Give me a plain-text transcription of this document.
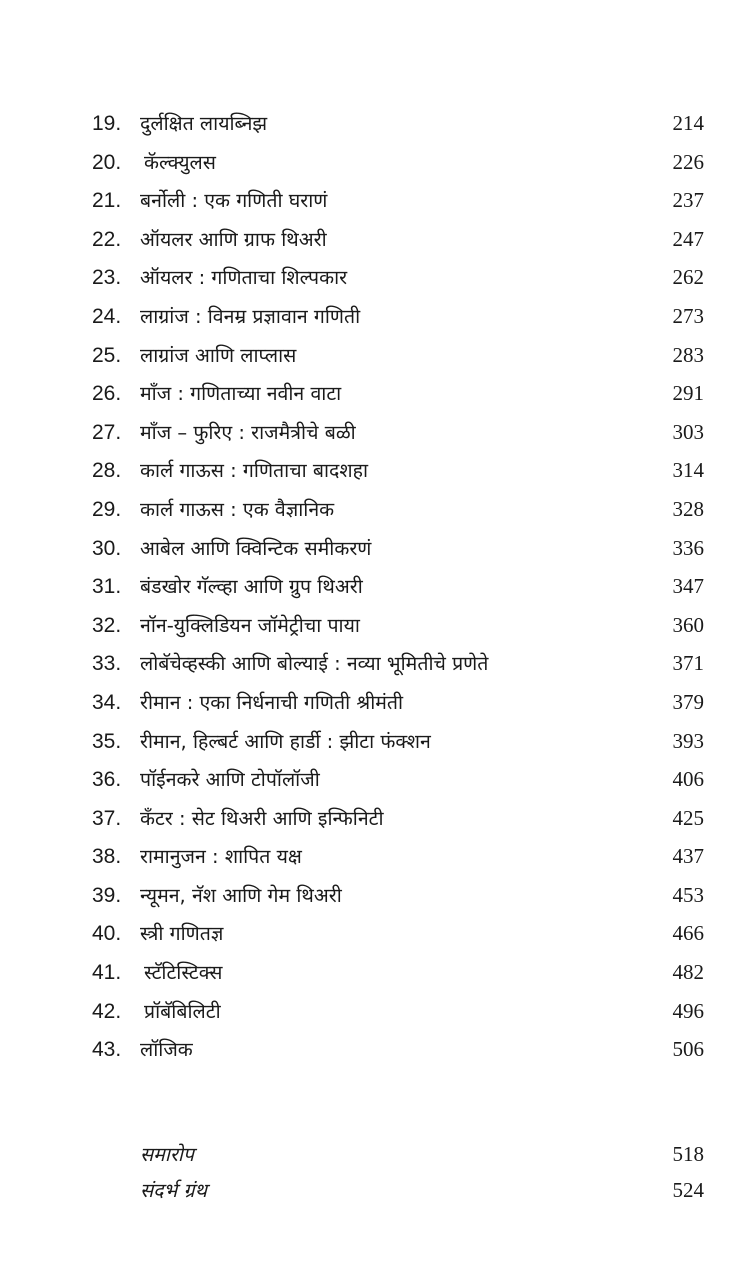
19. दुर्लक्षित लायब्निझ	214
20.	कॅल्क्युलस	226
21. बर्नोली : एक गणिती घराणं	237
22. ऑयलर आणि ग्राफ थिअरी	247
23. ऑयलर : गणिताचा शिल्पकार	262
24. लाग्रांज : विनम्र प्रज्ञावान गणिती	273
25. लाग्रांज आणि लाप्लास	283
26. माँज : गणिताच्या नवीन वाटा	291
27. माँज – फुरिए : राजमैत्रीचे बळी	303
28. कार्ल गाऊस : गणिताचा बादशहा	314
29. कार्ल गाऊस : एक वैज्ञानिक	328
30. आबेल आणि क्विन्टिक समीकरणं	336
31. बंडखोर गॅल्व्हा आणि ग्रुप थिअरी	347
32. नॉन-युक्लिडियन जॉमेट्रीचा पाया	360
33. लोबॅचेव्हस्की आणि बोल्याई : नव्या भूमितीचे प्रणेते	371
34. रीमान : एका निर्धनाची गणिती श्रीमंती	379
35. रीमान, हिल्बर्ट आणि हार्डी : झीटा फंक्शन	393
36. पॉईनकरे आणि टोपॉलॉजी	406
37. कँटर : सेट थिअरी आणि इन्फिनिटी	425
38. रामानुजन : शापित यक्ष	437
39. न्यूमन, नॅश आणि गेम थिअरी	453
40. स्त्री गणितज्ञ	466
41.	स्टॅटिस्टिक्स	482
42.	प्रॉबॅबिलिटी	496
43. लॉजिक	506
समारोप	518
संदर्भ ग्रंथ	524
